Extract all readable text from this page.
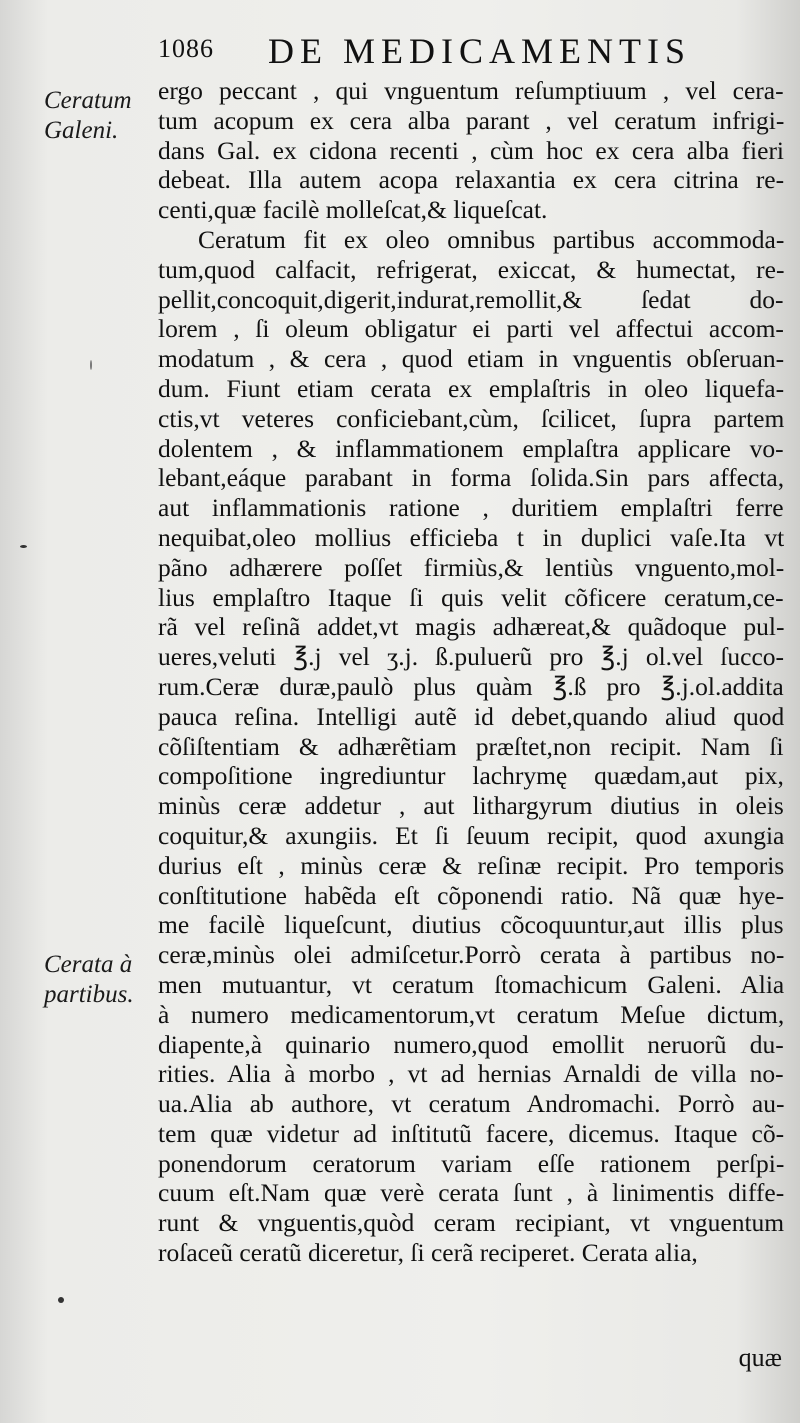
1086 DE MEDICAMENTIS
Ceratum
Galeni.
Cerata à
partibus.
ergo peccant , qui vnguentum reſumptiuum , vel cera-
tum acopum ex cera alba parant , vel ceratum infrigi-
dans Gal. ex cidona recenti , cùm hoc ex cera alba fieri
debeat. Illa autem acopa relaxantia ex cera citrina re-
centi,quæ facilè molleſcat,& liqueſcat.
Ceratum fit ex oleo omnibus partibus accommoda-
tum,quod calfacit, refrigerat, exiccat, & humectat, re-
pellit,concoquit,digerit,indurat,remollit,& ſedat do-
lorem , ſi oleum obligatur ei parti vel affectui accom-
modatum , & cera , quod etiam in vnguentis obſeruan-
dum. Fiunt etiam cerata ex emplaſtris in oleo liquefa-
ctis,vt veteres conficiebant,cùm, ſcilicet, ſupra partem
dolentem , & inflammationem emplaſtra applicare vo-
lebant,eáque parabant in forma ſolida.Sin pars affecta,
aut inflammationis ratione , duritiem emplaſtri ferre
nequibat,oleo mollius efficieba t in duplici vaſe.Ita vt
pãno adhærere poſſet firmiùs,& lentiùs vnguento,mol-
lius emplaſtro Itaque ſi quis velit cõficere ceratum,ce-
rã vel reſinã addet,vt magis adhæreat,& quãdoque pul-
ueres,veluti ℥.j vel ʒ.j. ß.puluerũ pro ℥.j ol.vel ſucco-
rum.Ceræ duræ,paulò plus quàm ℥.ß pro ℥.j.ol.addita
pauca reſina. Intelligi autẽ id debet,quando aliud quod
cõſiſtentiam & adhærẽtiam præſtet,non recipit. Nam ſi
compoſitione ingrediuntur lachrymę quædam,aut pix,
minùs ceræ addetur , aut lithargyrum diutius in oleis
coquitur,& axungiis. Et ſi ſeuum recipit, quod axungia
durius eſt , minùs ceræ & reſinæ recipit. Pro temporis
conſtitutione habẽda eſt cõponendi ratio. Nã quæ hye-
me facilè liqueſcunt, diutius cõcoquuntur,aut illis plus
ceræ,minùs olei admiſcetur.Porrò cerata à partibus no-
men mutuantur, vt ceratum ſtomachicum Galeni. Alia
à numero medicamentorum,vt ceratum Meſue dictum,
diapente,à quinario numero,quod emollit neruorũ du-
rities. Alia à morbo , vt ad hernias Arnaldi de villa no-
ua.Alia ab authore, vt ceratum Andromachi. Porrò au-
tem quæ videtur ad inſtitutũ facere, dicemus. Itaque cõ-
ponendorum ceratorum variam eſſe rationem perſpi-
cuum eſt.Nam quæ verè cerata ſunt , à linimentis diffe-
runt & vnguentis,quòd ceram recipiant, vt vnguentum
roſaceũ ceratũ diceretur, ſi cerã reciperet. Cerata alia,
quæ
